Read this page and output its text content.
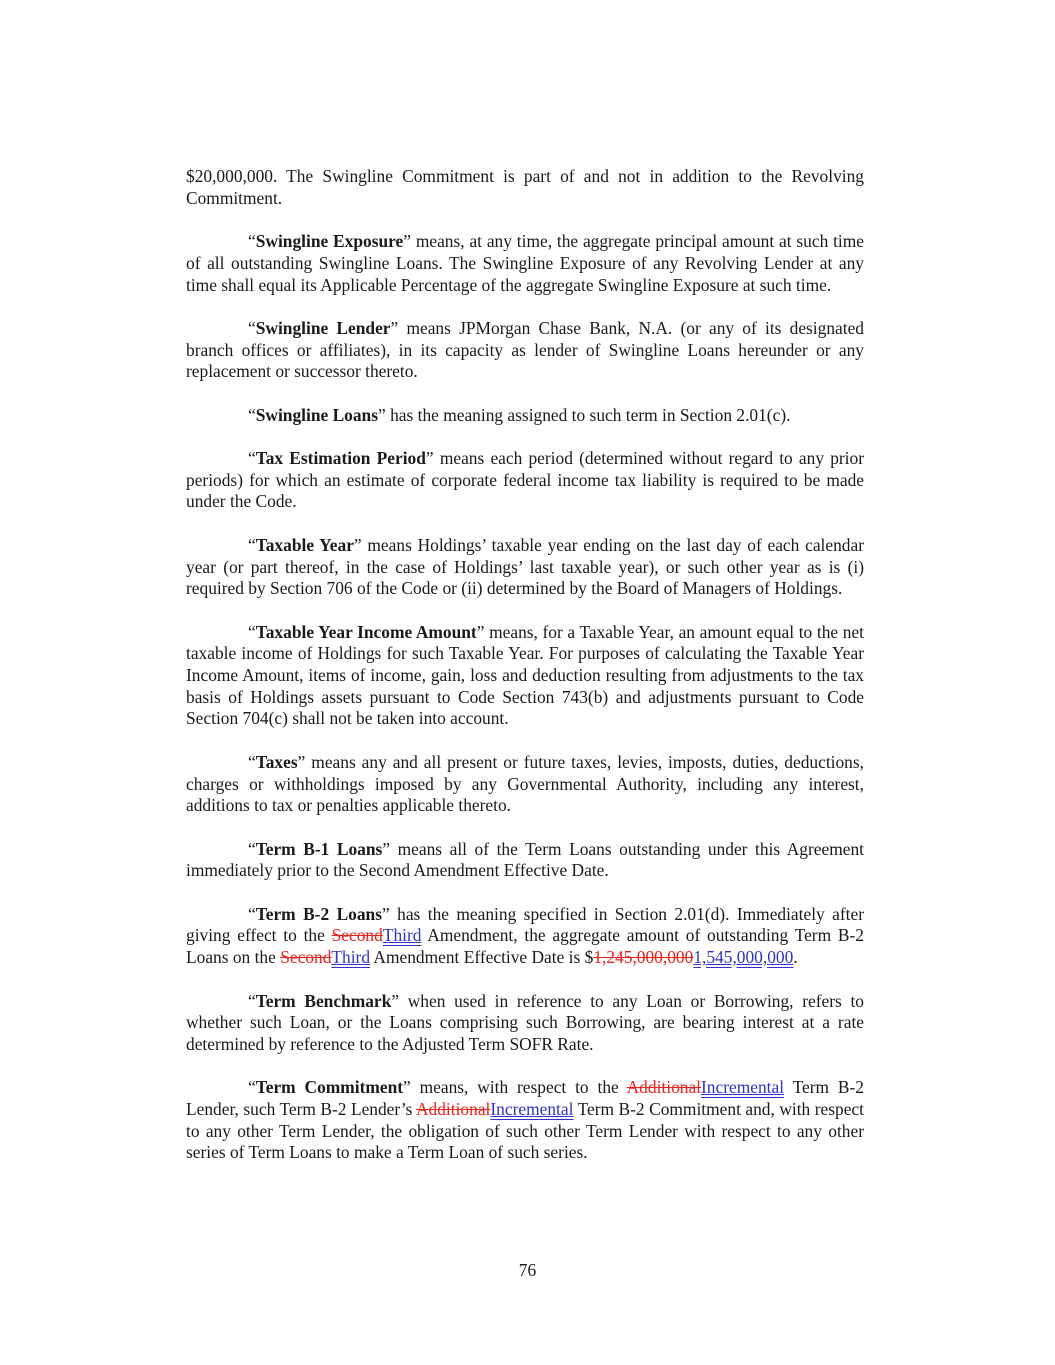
$20,000,000. The Swingline Commitment is part of and not in addition to the Revolving Commitment.

“Swingline Exposure” means, at any time, the aggregate principal amount at such time of all outstanding Swingline Loans. The Swingline Exposure of any Revolving Lender at any time shall equal its Applicable Percentage of the aggregate Swingline Exposure at such time.

“Swingline Lender” means JPMorgan Chase Bank, N.A. (or any of its designated branch offices or affiliates), in its capacity as lender of Swingline Loans hereunder or any replacement or successor thereto.

“Swingline Loans” has the meaning assigned to such term in Section 2.01(c).

“Tax Estimation Period” means each period (determined without regard to any prior periods) for which an estimate of corporate federal income tax liability is required to be made under the Code.

“Taxable Year” means Holdings’ taxable year ending on the last day of each calendar year (or part thereof, in the case of Holdings’ last taxable year), or such other year as is (i) required by Section 706 of the Code or (ii) determined by the Board of Managers of Holdings.

“Taxable Year Income Amount” means, for a Taxable Year, an amount equal to the net taxable income of Holdings for such Taxable Year. For purposes of calculating the Taxable Year Income Amount, items of income, gain, loss and deduction resulting from adjustments to the tax basis of Holdings assets pursuant to Code Section 743(b) and adjustments pursuant to Code Section 704(c) shall not be taken into account.

“Taxes” means any and all present or future taxes, levies, imposts, duties, deductions, charges or withholdings imposed by any Governmental Authority, including any interest, additions to tax or penalties applicable thereto.

“Term B-1 Loans” means all of the Term Loans outstanding under this Agreement immediately prior to the Second Amendment Effective Date.

“Term B-2 Loans” has the meaning specified in Section 2.01(d). Immediately after giving effect to the SecondThird Amendment, the aggregate amount of outstanding Term B-2 Loans on the SecondThird Amendment Effective Date is $1,245,000,0001,545,000,000.

“Term Benchmark” when used in reference to any Loan or Borrowing, refers to whether such Loan, or the Loans comprising such Borrowing, are bearing interest at a rate determined by reference to the Adjusted Term SOFR Rate.

“Term Commitment” means, with respect to the AdditionalIncremental Term B-2 Lender, such Term B-2 Lender’s AdditionalIncremental Term B-2 Commitment and, with respect to any other Term Lender, the obligation of such other Term Lender with respect to any other series of Term Loans to make a Term Loan of such series.

76
